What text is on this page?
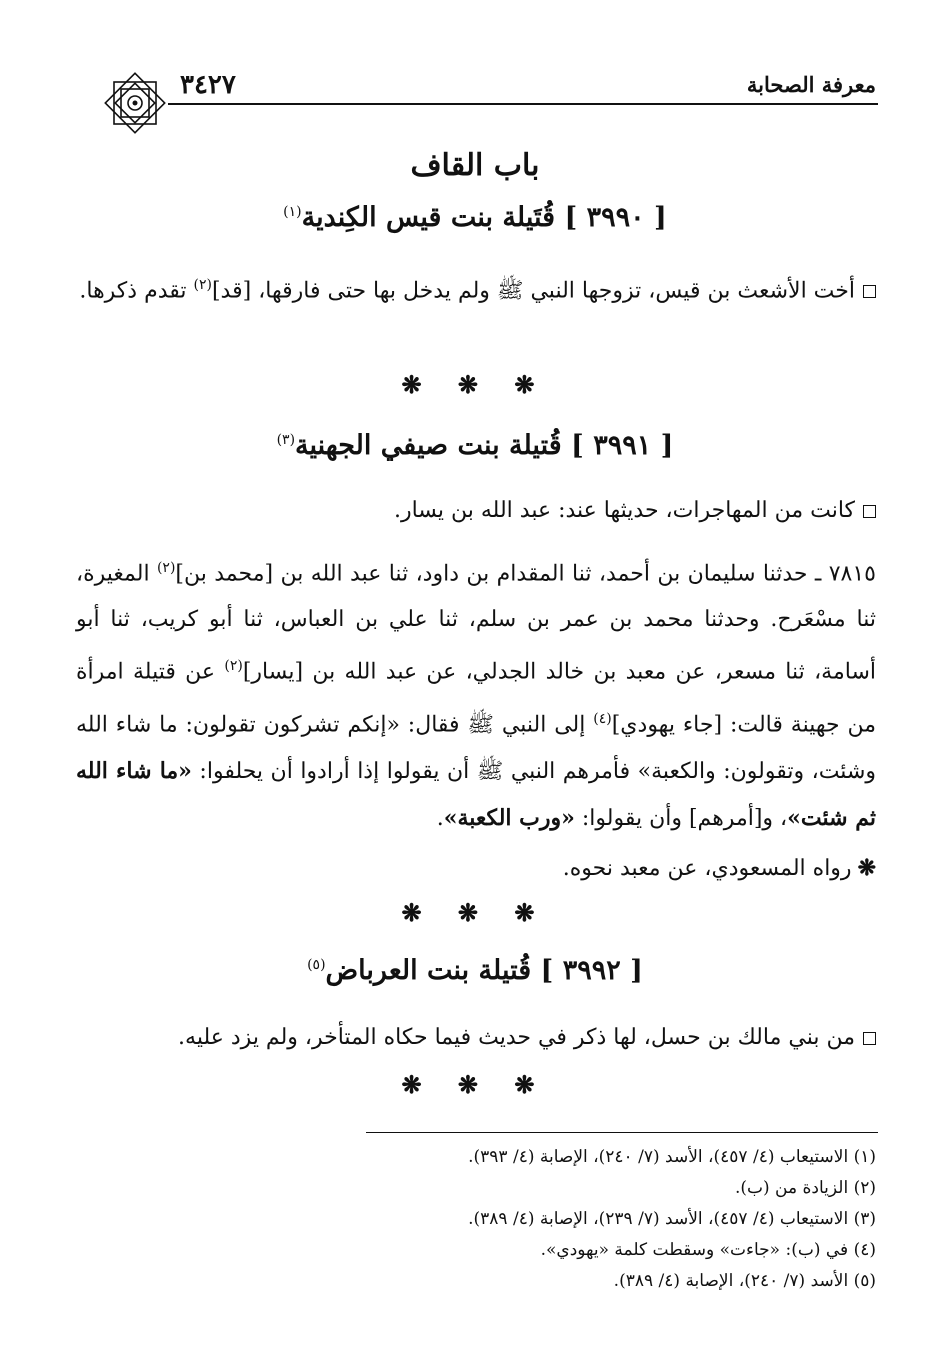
معرفة الصحابة
٣٤٢٧
باب القاف
[ ٣٩٩٠ ] قُتَيلة بنت قيس الكِندية$^{(١)}$
أخت الأشعث بن قيس، تزوجها النبي ﷺ ولم يدخل بها حتى فارقها، [قد]$^{(٢)}$ تقدم ذكرها.
❋ ❋ ❋
[ ٣٩٩١ ] قُتيلة بنت صيفي الجهنية$^{(٣)}$
كانت من المهاجرات، حديثها عند: عبد الله بن يسار.
٧٨١٥ ـ حدثنا سليمان بن أحمد، ثنا المقدام بن داود، ثنا عبد الله بن [محمد بن]$^{(٢)}$ المغيرة، ثنا مسْعَرح. وحدثنا محمد بن عمر بن سلم، ثنا علي بن العباس، ثنا أبو كريب، ثنا أبو أسامة، ثنا مسعر، عن معبد بن خالد الجدلي، عن عبد الله بن [يسار]$^{(٢)}$ عن قتيلة امرأة من جهينة قالت: [جاء يهودي]$^{(٤)}$ إلى النبي ﷺ فقال: «إنكم تشركون تقولون: ما شاء الله وشئت، وتقولون: والكعبة» فأمرهم النبي ﷺ أن يقولوا إذا أرادوا أن يحلفوا: «ما شاء الله ثم شئت»، و[أمرهم] وأن يقولوا: «ورب الكعبة».
❋رواه المسعودي، عن معبد نحوه.
❋ ❋ ❋
[ ٣٩٩٢ ] قُتيلة بنت العرباض$^{(٥)}$
من بني مالك بن حسل، لها ذكر في حديث فيما حكاه المتأخر، ولم يزد عليه.
❋ ❋ ❋
(١) الاستيعاب (٤/ ٤٥٧)، الأسد (٧/ ٢٤٠)، الإصابة (٤/ ٣٩٣).
(٢) الزيادة من (ب).
(٣) الاستيعاب (٤/ ٤٥٧)، الأسد (٧/ ٢٣٩)، الإصابة (٤/ ٣٨٩).
(٤) في (ب): «جاءت» وسقطت كلمة «يهودي».
(٥) الأسد (٧/ ٢٤٠)، الإصابة (٤/ ٣٨٩).
